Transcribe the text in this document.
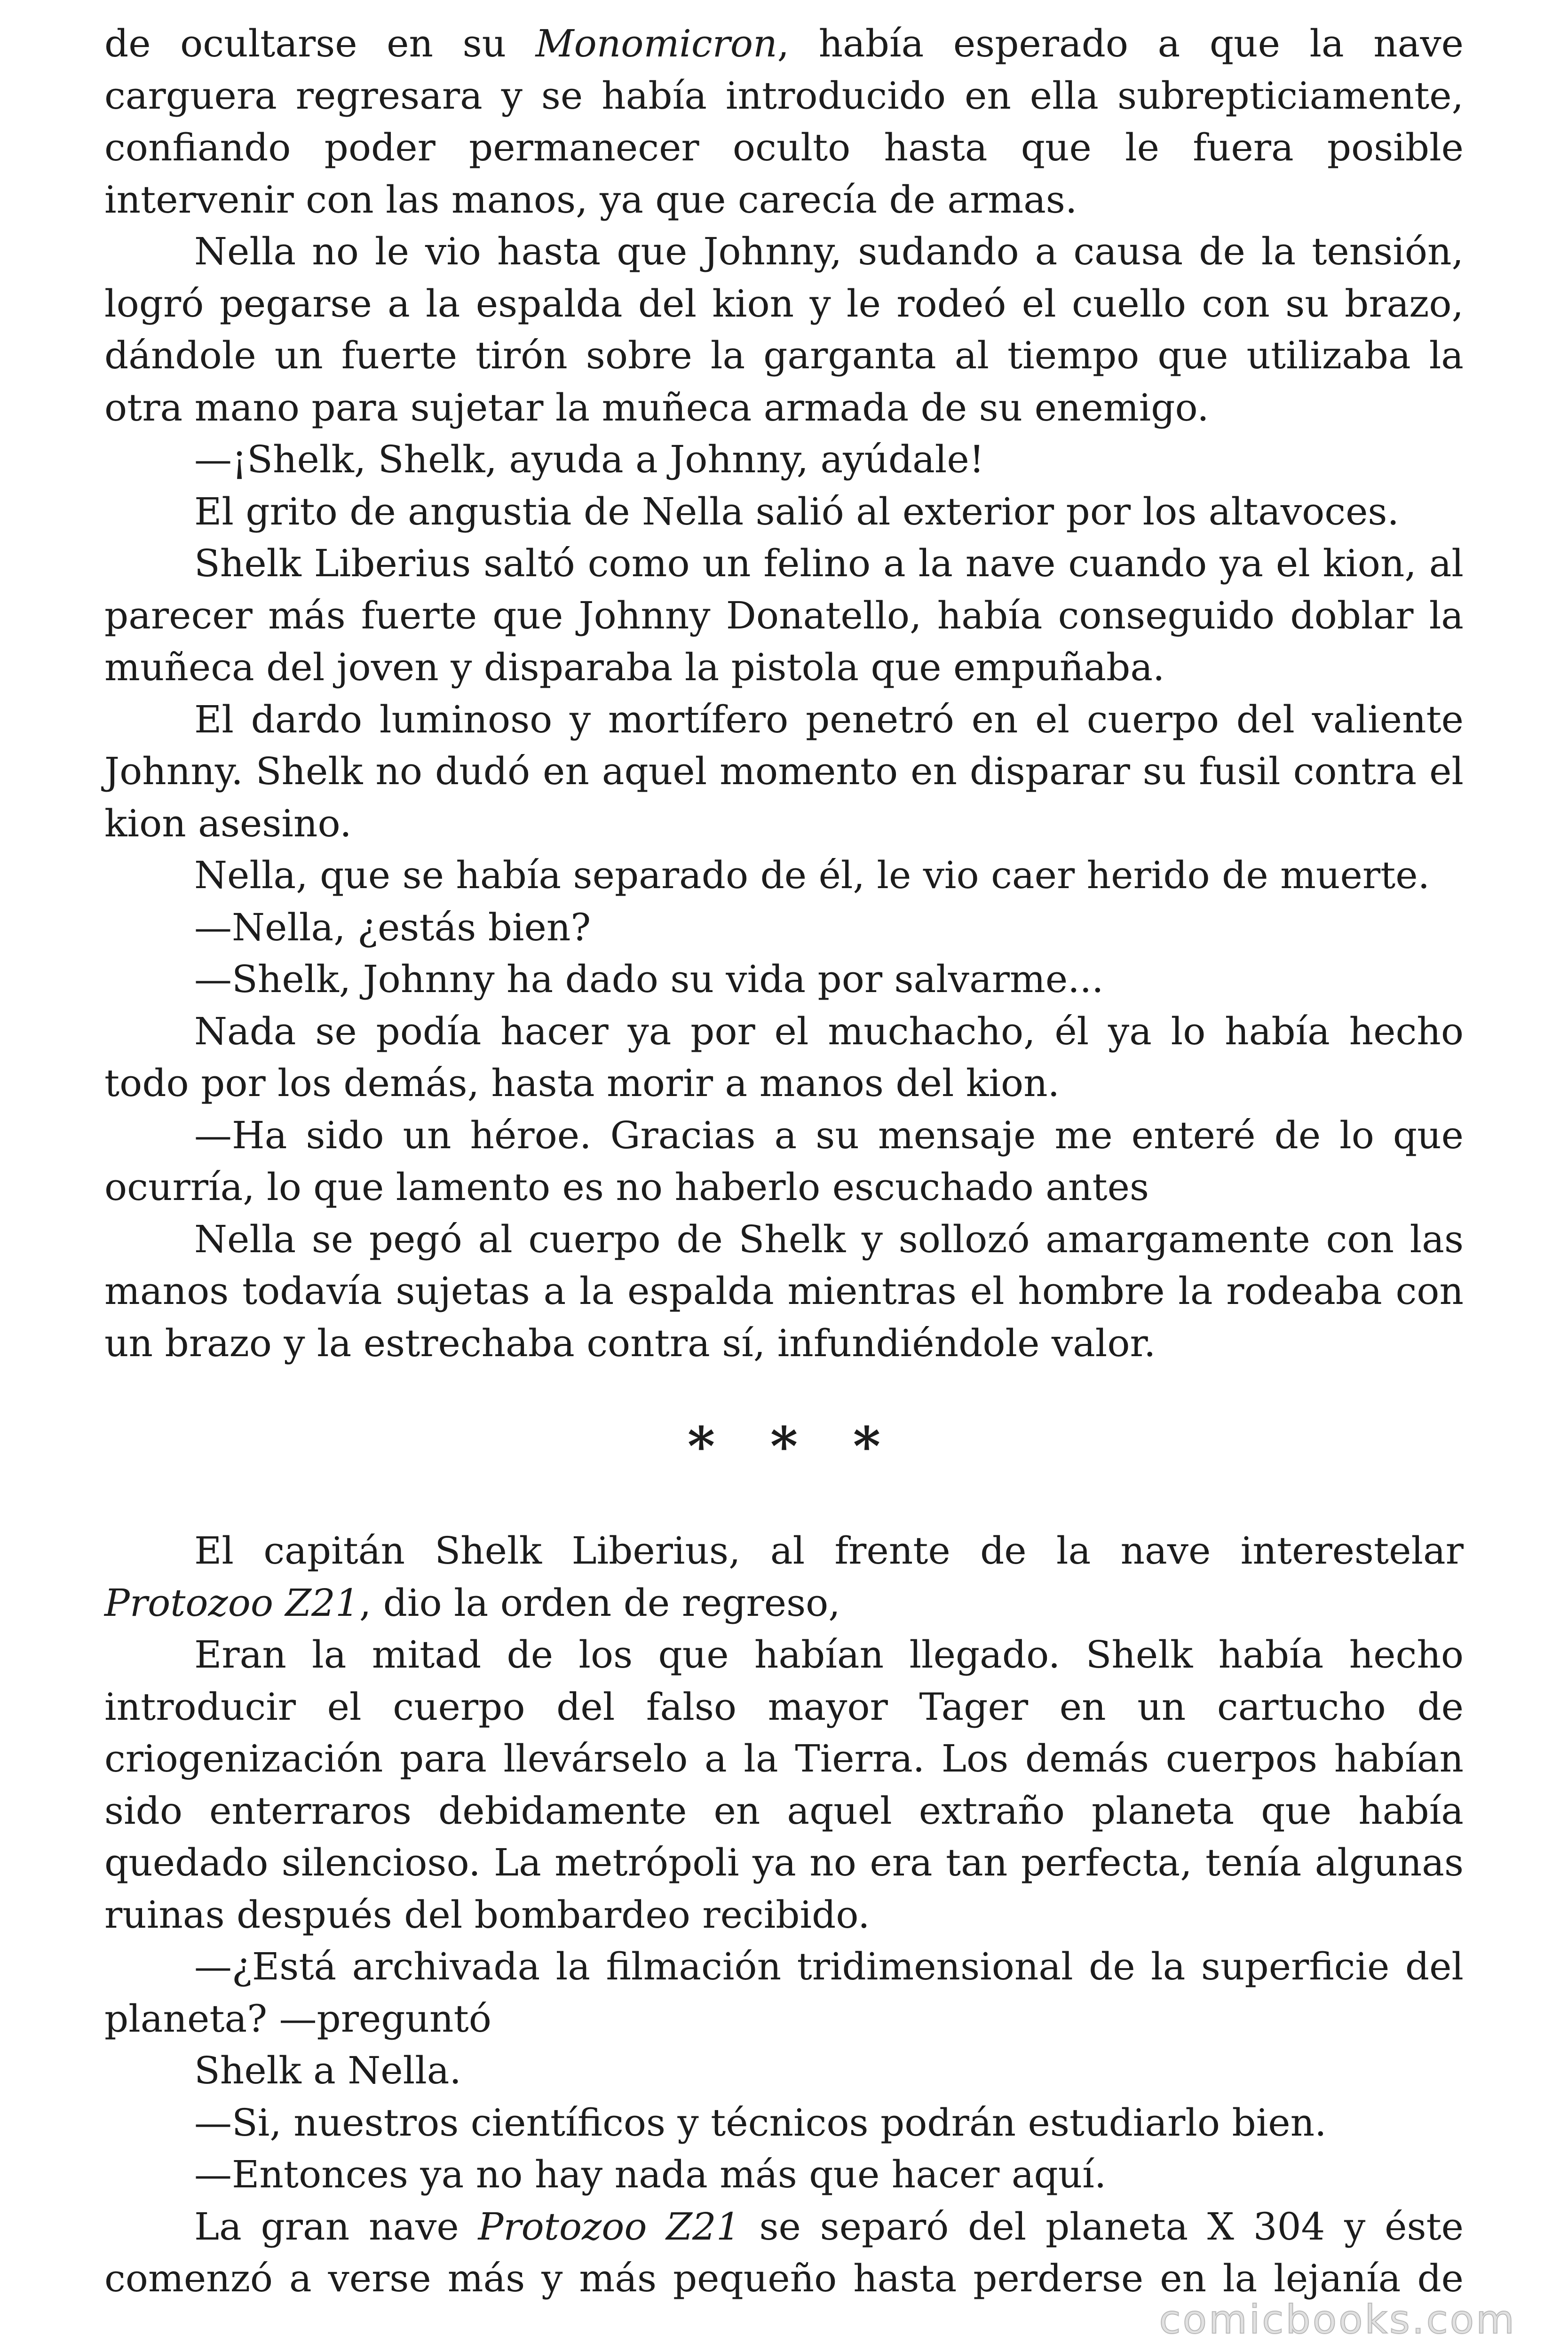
de ocultarse en su Monomicron, había esperado a que la nave carguera regresara y se había introducido en ella subrepticiamente, confiando poder permanecer oculto hasta que le fuera posible intervenir con las manos, ya que carecía de armas.

Nella no le vio hasta que Johnny, sudando a causa de la tensión, logró pegarse a la espalda del kion y le rodeó el cuello con su brazo, dándole un fuerte tirón sobre la garganta al tiempo que utilizaba la otra mano para sujetar la muñeca armada de su enemigo.

—¡Shelk, Shelk, ayuda a Johnny, ayúdale!

El grito de angustia de Nella salió al exterior por los altavoces.

Shelk Liberius saltó como un felino a la nave cuando ya el kion, al parecer más fuerte que Johnny Donatello, había conseguido doblar la muñeca del joven y disparaba la pistola que empuñaba.

El dardo luminoso y mortífero penetró en el cuerpo del valiente Johnny. Shelk no dudó en aquel momento en disparar su fusil contra el kion asesino.

Nella, que se había separado de él, le vio caer herido de muerte.

—Nella, ¿estás bien?

—Shelk, Johnny ha dado su vida por salvarme...

Nada se podía hacer ya por el muchacho, él ya lo había hecho todo por los demás, hasta morir a manos del kion.

—Ha sido un héroe. Gracias a su mensaje me enteré de lo que ocurría, lo que lamento es no haberlo escuchado antes

Nella se pegó al cuerpo de Shelk y sollozó amargamente con las manos todavía sujetas a la espalda mientras el hombre la rodeaba con un brazo y la estrechaba contra sí, infundiéndole valor.

* * *

El capitán Shelk Liberius, al frente de la nave interestelar Protozoo Z21, dio la orden de regreso,

Eran la mitad de los que habían llegado. Shelk había hecho introducir el cuerpo del falso mayor Tager en un cartucho de criogenización para llevárselo a la Tierra. Los demás cuerpos habían sido enterraros debidamente en aquel extraño planeta que había quedado silencioso. La metrópoli ya no era tan perfecta, tenía algunas ruinas después del bombardeo recibido.

—¿Está archivada la filmación tridimensional de la superficie del planeta? —preguntó

Shelk a Nella.

—Si, nuestros científicos y técnicos podrán estudiarlo bien.

—Entonces ya no hay nada más que hacer aquí.

La gran nave Protozoo Z21 se separó del planeta X 304 y éste comenzó a verse más y más pequeño hasta perderse en la lejanía de

comicbooks.com
